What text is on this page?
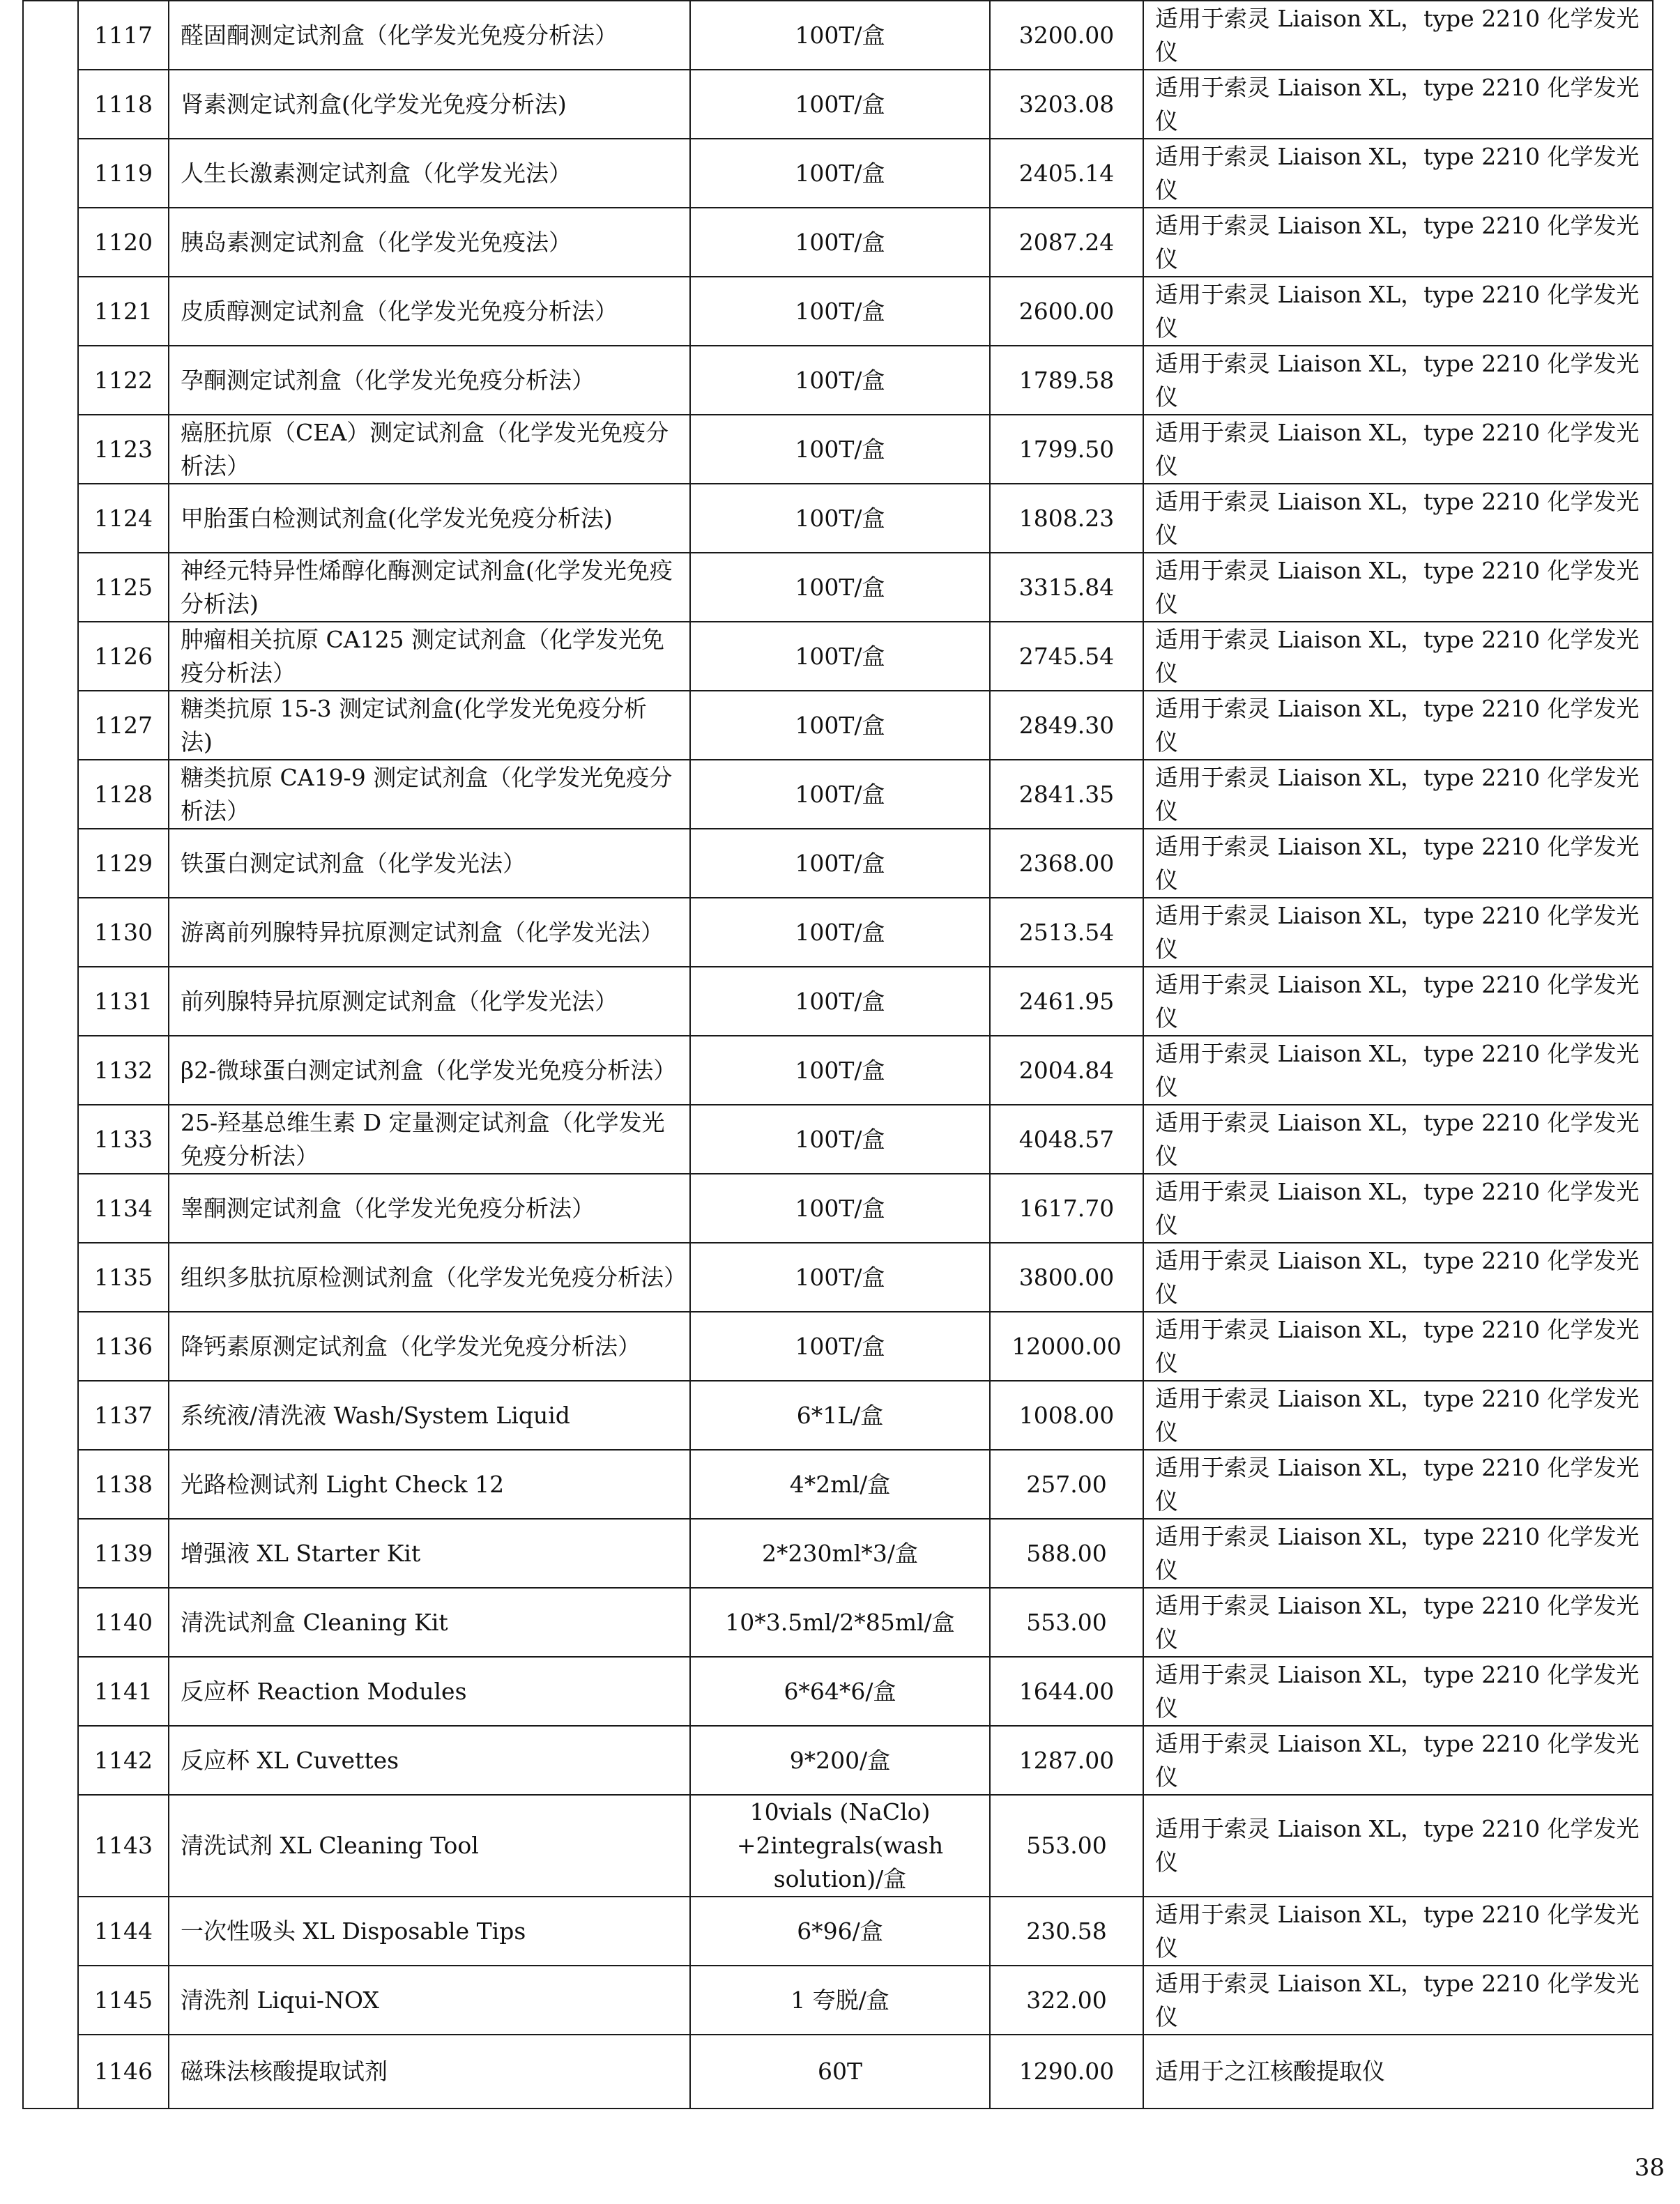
	1117	醛固酮测定试剂盒（化学发光免疫分析法）	100T/盒	3200.00	适用于索灵 Liaison XL，type 2210 化学发光仪
	1118	肾素测定试剂盒(化学发光免疫分析法)	100T/盒	3203.08	适用于索灵 Liaison XL，type 2210 化学发光仪
	1119	人生长激素测定试剂盒（化学发光法）	100T/盒	2405.14	适用于索灵 Liaison XL，type 2210 化学发光仪
	1120	胰岛素测定试剂盒（化学发光免疫法）	100T/盒	2087.24	适用于索灵 Liaison XL，type 2210 化学发光仪
	1121	皮质醇测定试剂盒（化学发光免疫分析法）	100T/盒	2600.00	适用于索灵 Liaison XL，type 2210 化学发光仪
	1122	孕酮测定试剂盒（化学发光免疫分析法）	100T/盒	1789.58	适用于索灵 Liaison XL，type 2210 化学发光仪
	1123	癌胚抗原（CEA）测定试剂盒（化学发光免疫分析法）	100T/盒	1799.50	适用于索灵 Liaison XL，type 2210 化学发光仪
	1124	甲胎蛋白检测试剂盒(化学发光免疫分析法)	100T/盒	1808.23	适用于索灵 Liaison XL，type 2210 化学发光仪
	1125	神经元特异性烯醇化酶测定试剂盒(化学发光免疫分析法)	100T/盒	3315.84	适用于索灵 Liaison XL，type 2210 化学发光仪
	1126	肿瘤相关抗原 CA125 测定试剂盒（化学发光免疫分析法）	100T/盒	2745.54	适用于索灵 Liaison XL，type 2210 化学发光仪
	1127	糖类抗原 15-3 测定试剂盒(化学发光免疫分析法)	100T/盒	2849.30	适用于索灵 Liaison XL，type 2210 化学发光仪
	1128	糖类抗原 CA19-9 测定试剂盒（化学发光免疫分析法）	100T/盒	2841.35	适用于索灵 Liaison XL，type 2210 化学发光仪
	1129	铁蛋白测定试剂盒（化学发光法）	100T/盒	2368.00	适用于索灵 Liaison XL，type 2210 化学发光仪
	1130	游离前列腺特异抗原测定试剂盒（化学发光法）	100T/盒	2513.54	适用于索灵 Liaison XL，type 2210 化学发光仪
	1131	前列腺特异抗原测定试剂盒（化学发光法）	100T/盒	2461.95	适用于索灵 Liaison XL，type 2210 化学发光仪
	1132	β2-微球蛋白测定试剂盒（化学发光免疫分析法）	100T/盒	2004.84	适用于索灵 Liaison XL，type 2210 化学发光仪
	1133	25-羟基总维生素 D 定量测定试剂盒（化学发光免疫分析法）	100T/盒	4048.57	适用于索灵 Liaison XL，type 2210 化学发光仪
	1134	睾酮测定试剂盒（化学发光免疫分析法）	100T/盒	1617.70	适用于索灵 Liaison XL，type 2210 化学发光仪
	1135	组织多肽抗原检测试剂盒（化学发光免疫分析法）	100T/盒	3800.00	适用于索灵 Liaison XL，type 2210 化学发光仪
	1136	降钙素原测定试剂盒（化学发光免疫分析法）	100T/盒	12000.00	适用于索灵 Liaison XL，type 2210 化学发光仪
	1137	系统液/清洗液 Wash/System Liquid	6*1L/盒	1008.00	适用于索灵 Liaison XL，type 2210 化学发光仪
	1138	光路检测试剂 Light Check 12	4*2ml/盒	257.00	适用于索灵 Liaison XL，type 2210 化学发光仪
	1139	增强液 XL Starter Kit	2*230ml*3/盒	588.00	适用于索灵 Liaison XL，type 2210 化学发光仪
	1140	清洗试剂盒 Cleaning Kit	10*3.5ml/2*85ml/盒	553.00	适用于索灵 Liaison XL，type 2210 化学发光仪
	1141	反应杯 Reaction Modules	6*64*6/盒	1644.00	适用于索灵 Liaison XL，type 2210 化学发光仪
	1142	反应杯 XL Cuvettes	9*200/盒	1287.00	适用于索灵 Liaison XL，type 2210 化学发光仪
	1143	清洗试剂 XL Cleaning Tool	10vials (NaClo) +2integrals(wash solution)/盒	553.00	适用于索灵 Liaison XL，type 2210 化学发光仪
	1144	一次性吸头 XL Disposable Tips	6*96/盒	230.58	适用于索灵 Liaison XL，type 2210 化学发光仪
	1145	清洗剂 Liqui-NOX	1 夸脱/盒	322.00	适用于索灵 Liaison XL，type 2210 化学发光仪
	1146	磁珠法核酸提取试剂	60T	1290.00	适用于之江核酸提取仪
38
